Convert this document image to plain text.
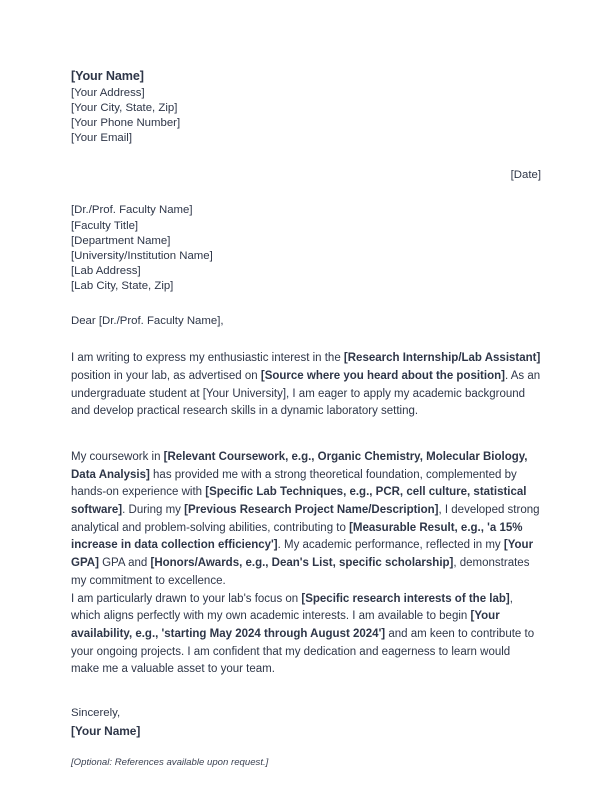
[Your Name]

[Your Address]

[Your City, State, Zip]

[Your Phone Number]

[Your Email]

[Date]

[Dr./Prof. Faculty Name]

[Faculty Title]

[Department Name]

[University/Institution Name]

[Lab Address]

[Lab City, State, Zip]

Dear [Dr./Prof. Faculty Name],

I am writing to express my enthusiastic interest in the [Research Internship/Lab Assistant] position in your lab, as advertised on [Source where you heard about the position]. As an undergraduate student at [Your University], I am eager to apply my academic background and develop practical research skills in a dynamic laboratory setting.

My coursework in [Relevant Coursework, e.g., Organic Chemistry, Molecular Biology, Data Analysis] has provided me with a strong theoretical foundation, complemented by hands-on experience with [Specific Lab Techniques, e.g., PCR, cell culture, statistical software]. During my [Previous Research Project Name/Description], I developed strong analytical and problem-solving abilities, contributing to [Measurable Result, e.g., 'a 15% increase in data collection efficiency']. My academic performance, reflected in my [Your GPA] GPA and [Honors/Awards, e.g., Dean's List, specific scholarship], demonstrates my commitment to excellence.

I am particularly drawn to your lab's focus on [Specific research interests of the lab], which aligns perfectly with my own academic interests. I am available to begin [Your availability, e.g., 'starting May 2024 through August 2024'] and am keen to contribute to your ongoing projects. I am confident that my dedication and eagerness to learn would make me a valuable asset to your team.

Sincerely,

[Your Name]

[Optional: References available upon request.]
